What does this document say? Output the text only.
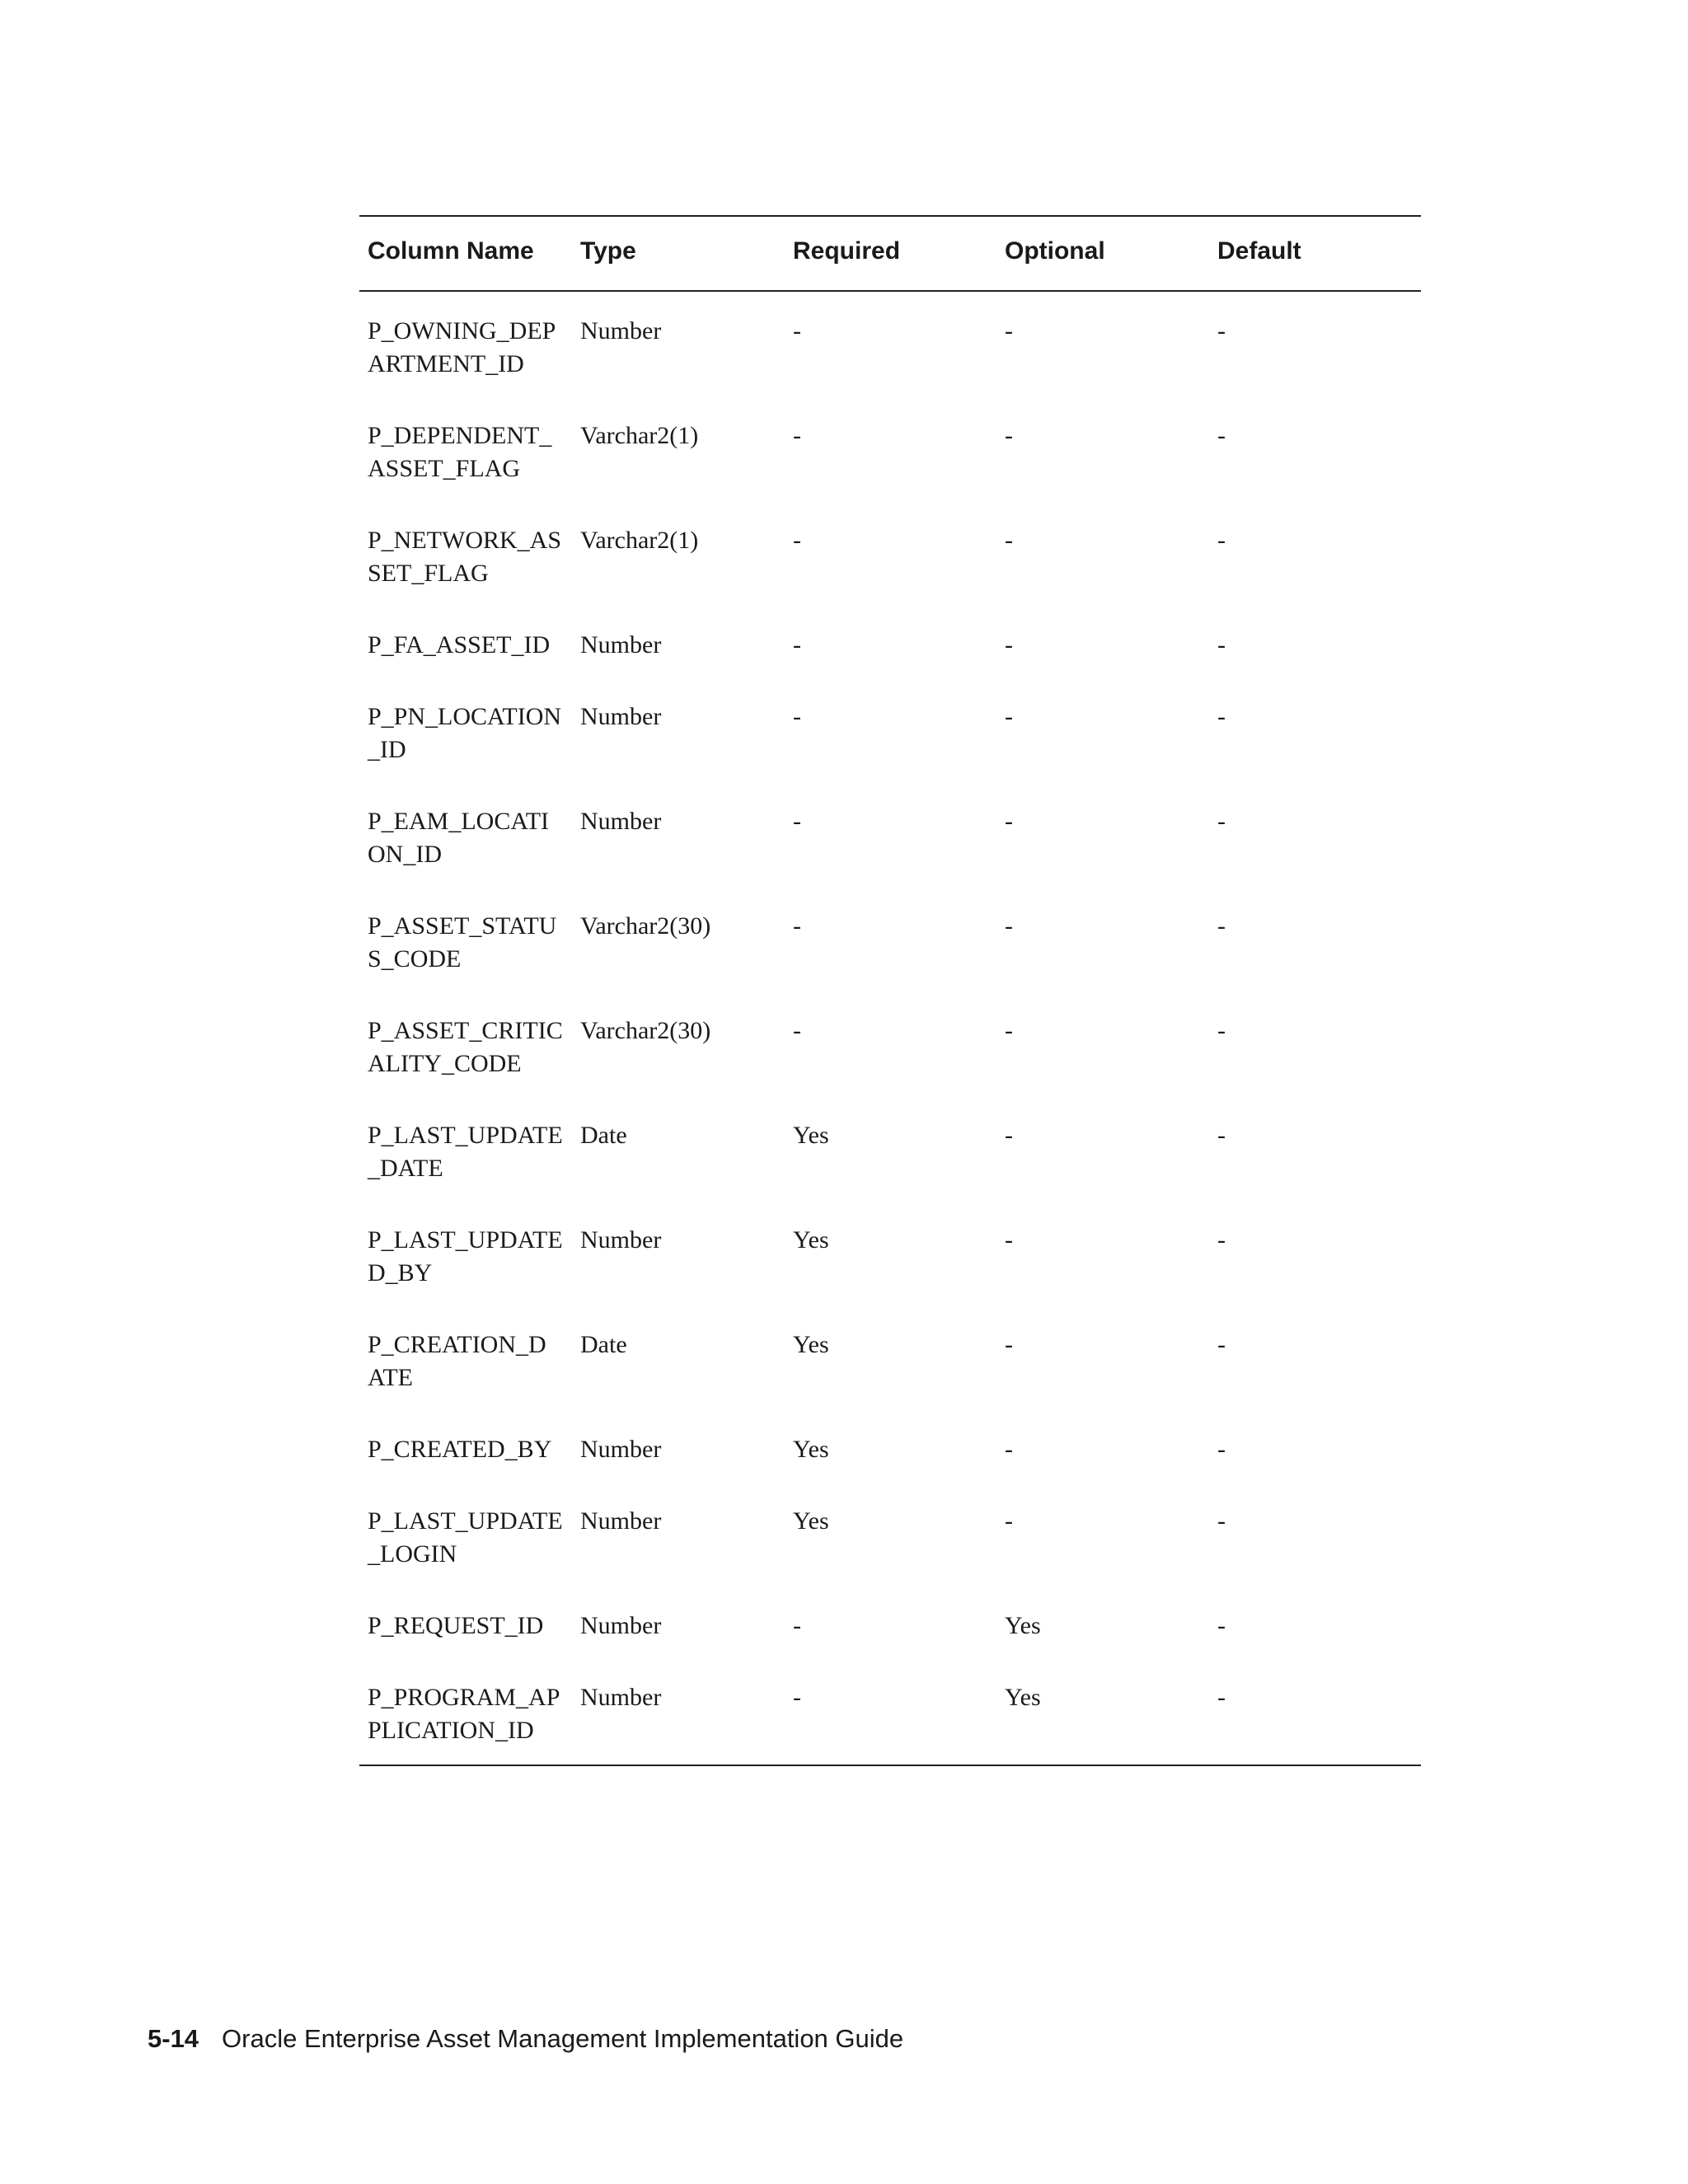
Column Name	Type	Required	Optional	Default
P_OWNING_DEPARTMENT_ID	Number	-	-	-
P_DEPENDENT_ASSET_FLAG	Varchar2(1)	-	-	-
P_NETWORK_ASSET_FLAG	Varchar2(1)	-	-	-
P_FA_ASSET_ID	Number	-	-	-
P_PN_LOCATION_ID	Number	-	-	-
P_EAM_LOCATION_ID	Number	-	-	-
P_ASSET_STATUS_CODE	Varchar2(30)	-	-	-
P_ASSET_CRITICALITY_CODE	Varchar2(30)	-	-	-
P_LAST_UPDATE_DATE	Date	Yes	-	-
P_LAST_UPDATED_BY	Number	Yes	-	-
P_CREATION_DATE	Date	Yes	-	-
P_CREATED_BY	Number	Yes	-	-
P_LAST_UPDATE_LOGIN	Number	Yes	-	-
P_REQUEST_ID	Number	-	Yes	-
P_PROGRAM_APPLICATION_ID	Number	-	Yes	-
5-14 Oracle Enterprise Asset Management Implementation Guide
